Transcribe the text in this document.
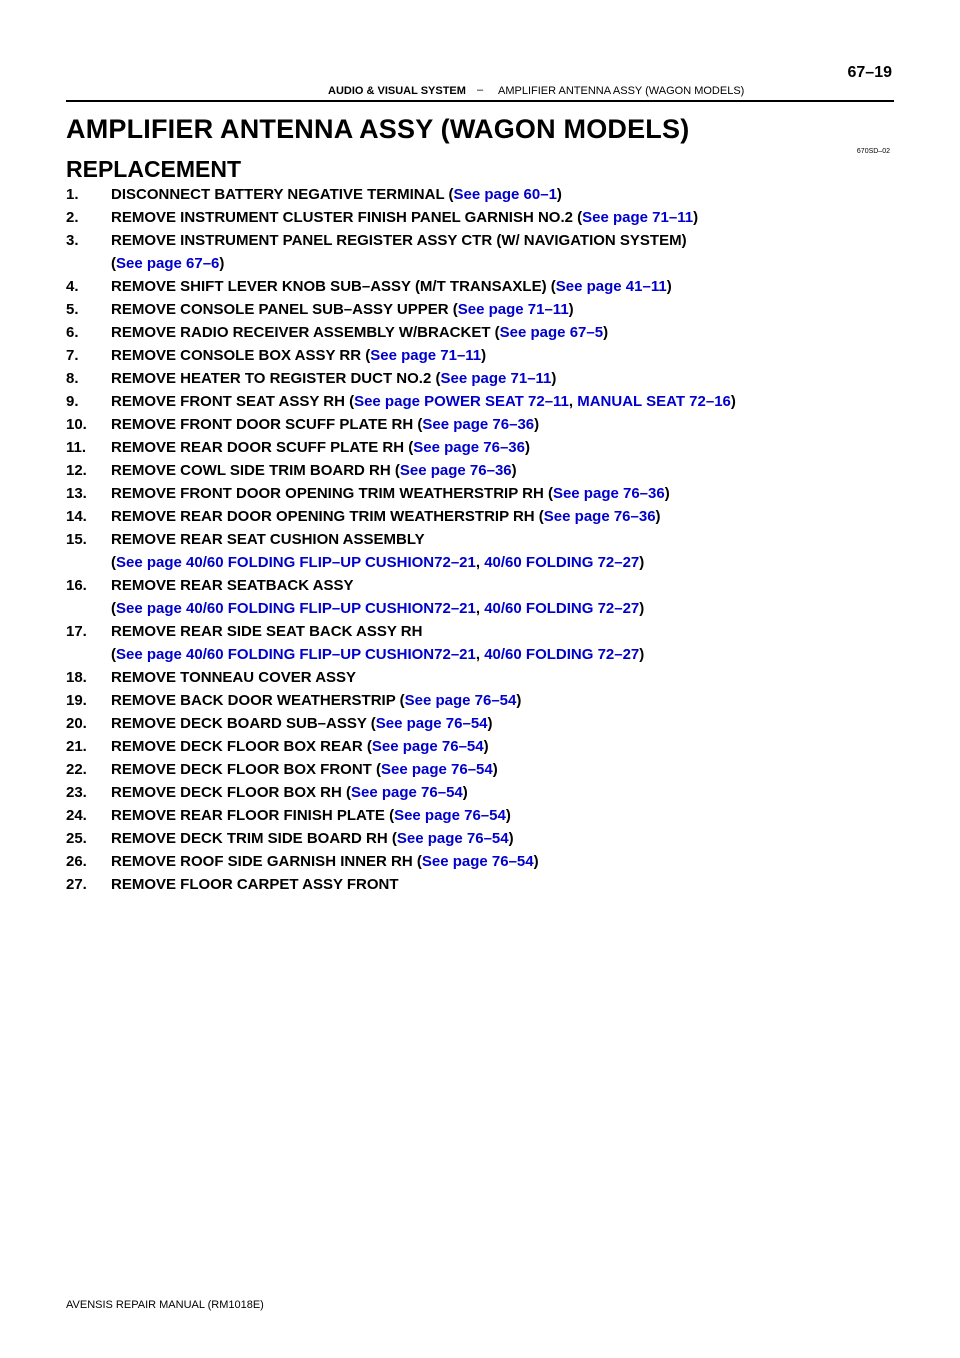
67–19
AUDIO & VISUAL SYSTEM – AMPLIFIER ANTENNA ASSY (WAGON MODELS)
AMPLIFIER ANTENNA ASSY (WAGON MODELS)
670SD–02
REPLACEMENT
1.	DISCONNECT BATTERY NEGATIVE TERMINAL (See page 60–1)
2.	REMOVE INSTRUMENT CLUSTER FINISH PANEL GARNISH NO.2 (See page 71–11)
3.	REMOVE INSTRUMENT PANEL REGISTER ASSY CTR (W/ NAVIGATION SYSTEM)
(See page 67–6)
4.	REMOVE SHIFT LEVER KNOB SUB–ASSY (M/T TRANSAXLE) (See page 41–11)
5.	REMOVE CONSOLE PANEL SUB–ASSY UPPER (See page 71–11)
6.	REMOVE RADIO RECEIVER ASSEMBLY W/BRACKET (See page 67–5)
7.	REMOVE CONSOLE BOX ASSY RR (See page 71–11)
8.	REMOVE HEATER TO REGISTER DUCT NO.2 (See page 71–11)
9.	REMOVE FRONT SEAT ASSY RH (See page POWER SEAT 72–11, MANUAL SEAT 72–16)
10.	REMOVE FRONT DOOR SCUFF PLATE RH (See page 76–36)
11.	REMOVE REAR DOOR SCUFF PLATE RH (See page 76–36)
12.	REMOVE COWL SIDE TRIM BOARD RH (See page 76–36)
13.	REMOVE FRONT DOOR OPENING TRIM WEATHERSTRIP RH (See page 76–36)
14.	REMOVE REAR DOOR OPENING TRIM WEATHERSTRIP RH (See page 76–36)
15.	REMOVE REAR SEAT CUSHION ASSEMBLY
(See page 40/60 FOLDING FLIP–UP CUSHION72–21, 40/60 FOLDING 72–27)
16.	REMOVE REAR SEATBACK ASSY
(See page 40/60 FOLDING FLIP–UP CUSHION72–21, 40/60 FOLDING 72–27)
17.	REMOVE REAR SIDE SEAT BACK ASSY RH
(See page 40/60 FOLDING FLIP–UP CUSHION72–21, 40/60 FOLDING 72–27)
18.	REMOVE TONNEAU COVER ASSY
19.	REMOVE BACK DOOR WEATHERSTRIP (See page 76–54)
20.	REMOVE DECK BOARD SUB–ASSY (See page 76–54)
21.	REMOVE DECK FLOOR BOX REAR (See page 76–54)
22.	REMOVE DECK FLOOR BOX FRONT (See page 76–54)
23.	REMOVE DECK FLOOR BOX RH (See page 76–54)
24.	REMOVE REAR FLOOR FINISH PLATE (See page 76–54)
25.	REMOVE DECK TRIM SIDE BOARD RH (See page 76–54)
26.	REMOVE ROOF SIDE GARNISH INNER RH (See page 76–54)
27.	REMOVE FLOOR CARPET ASSY FRONT
AVENSIS REPAIR MANUAL (RM1018E)
